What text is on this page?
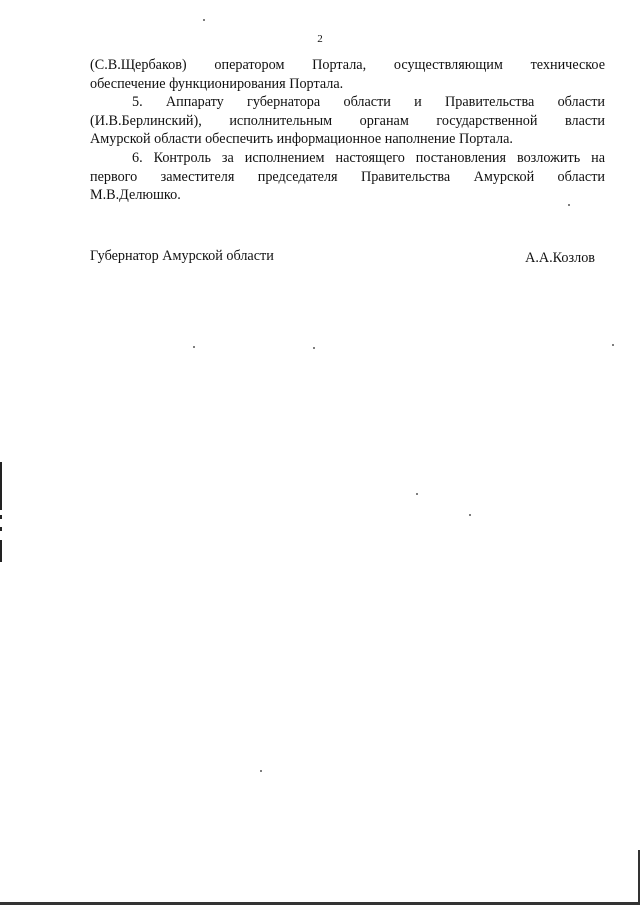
2

(С.В.Щербаков) оператором Портала, осуществляющим техническое
обеспечение функционирования Портала.

5. Аппарату губернатора области и Правительства области
(И.В.Берлинский), исполнительным органам государственной власти
Амурской области обеспечить информационное наполнение Портала.

6. Контроль за исполнением настоящего постановления возложить на
первого заместителя председателя Правительства Амурской области
М.В.Делюшко.

Губернатор Амурской области	А.А.Козлов
